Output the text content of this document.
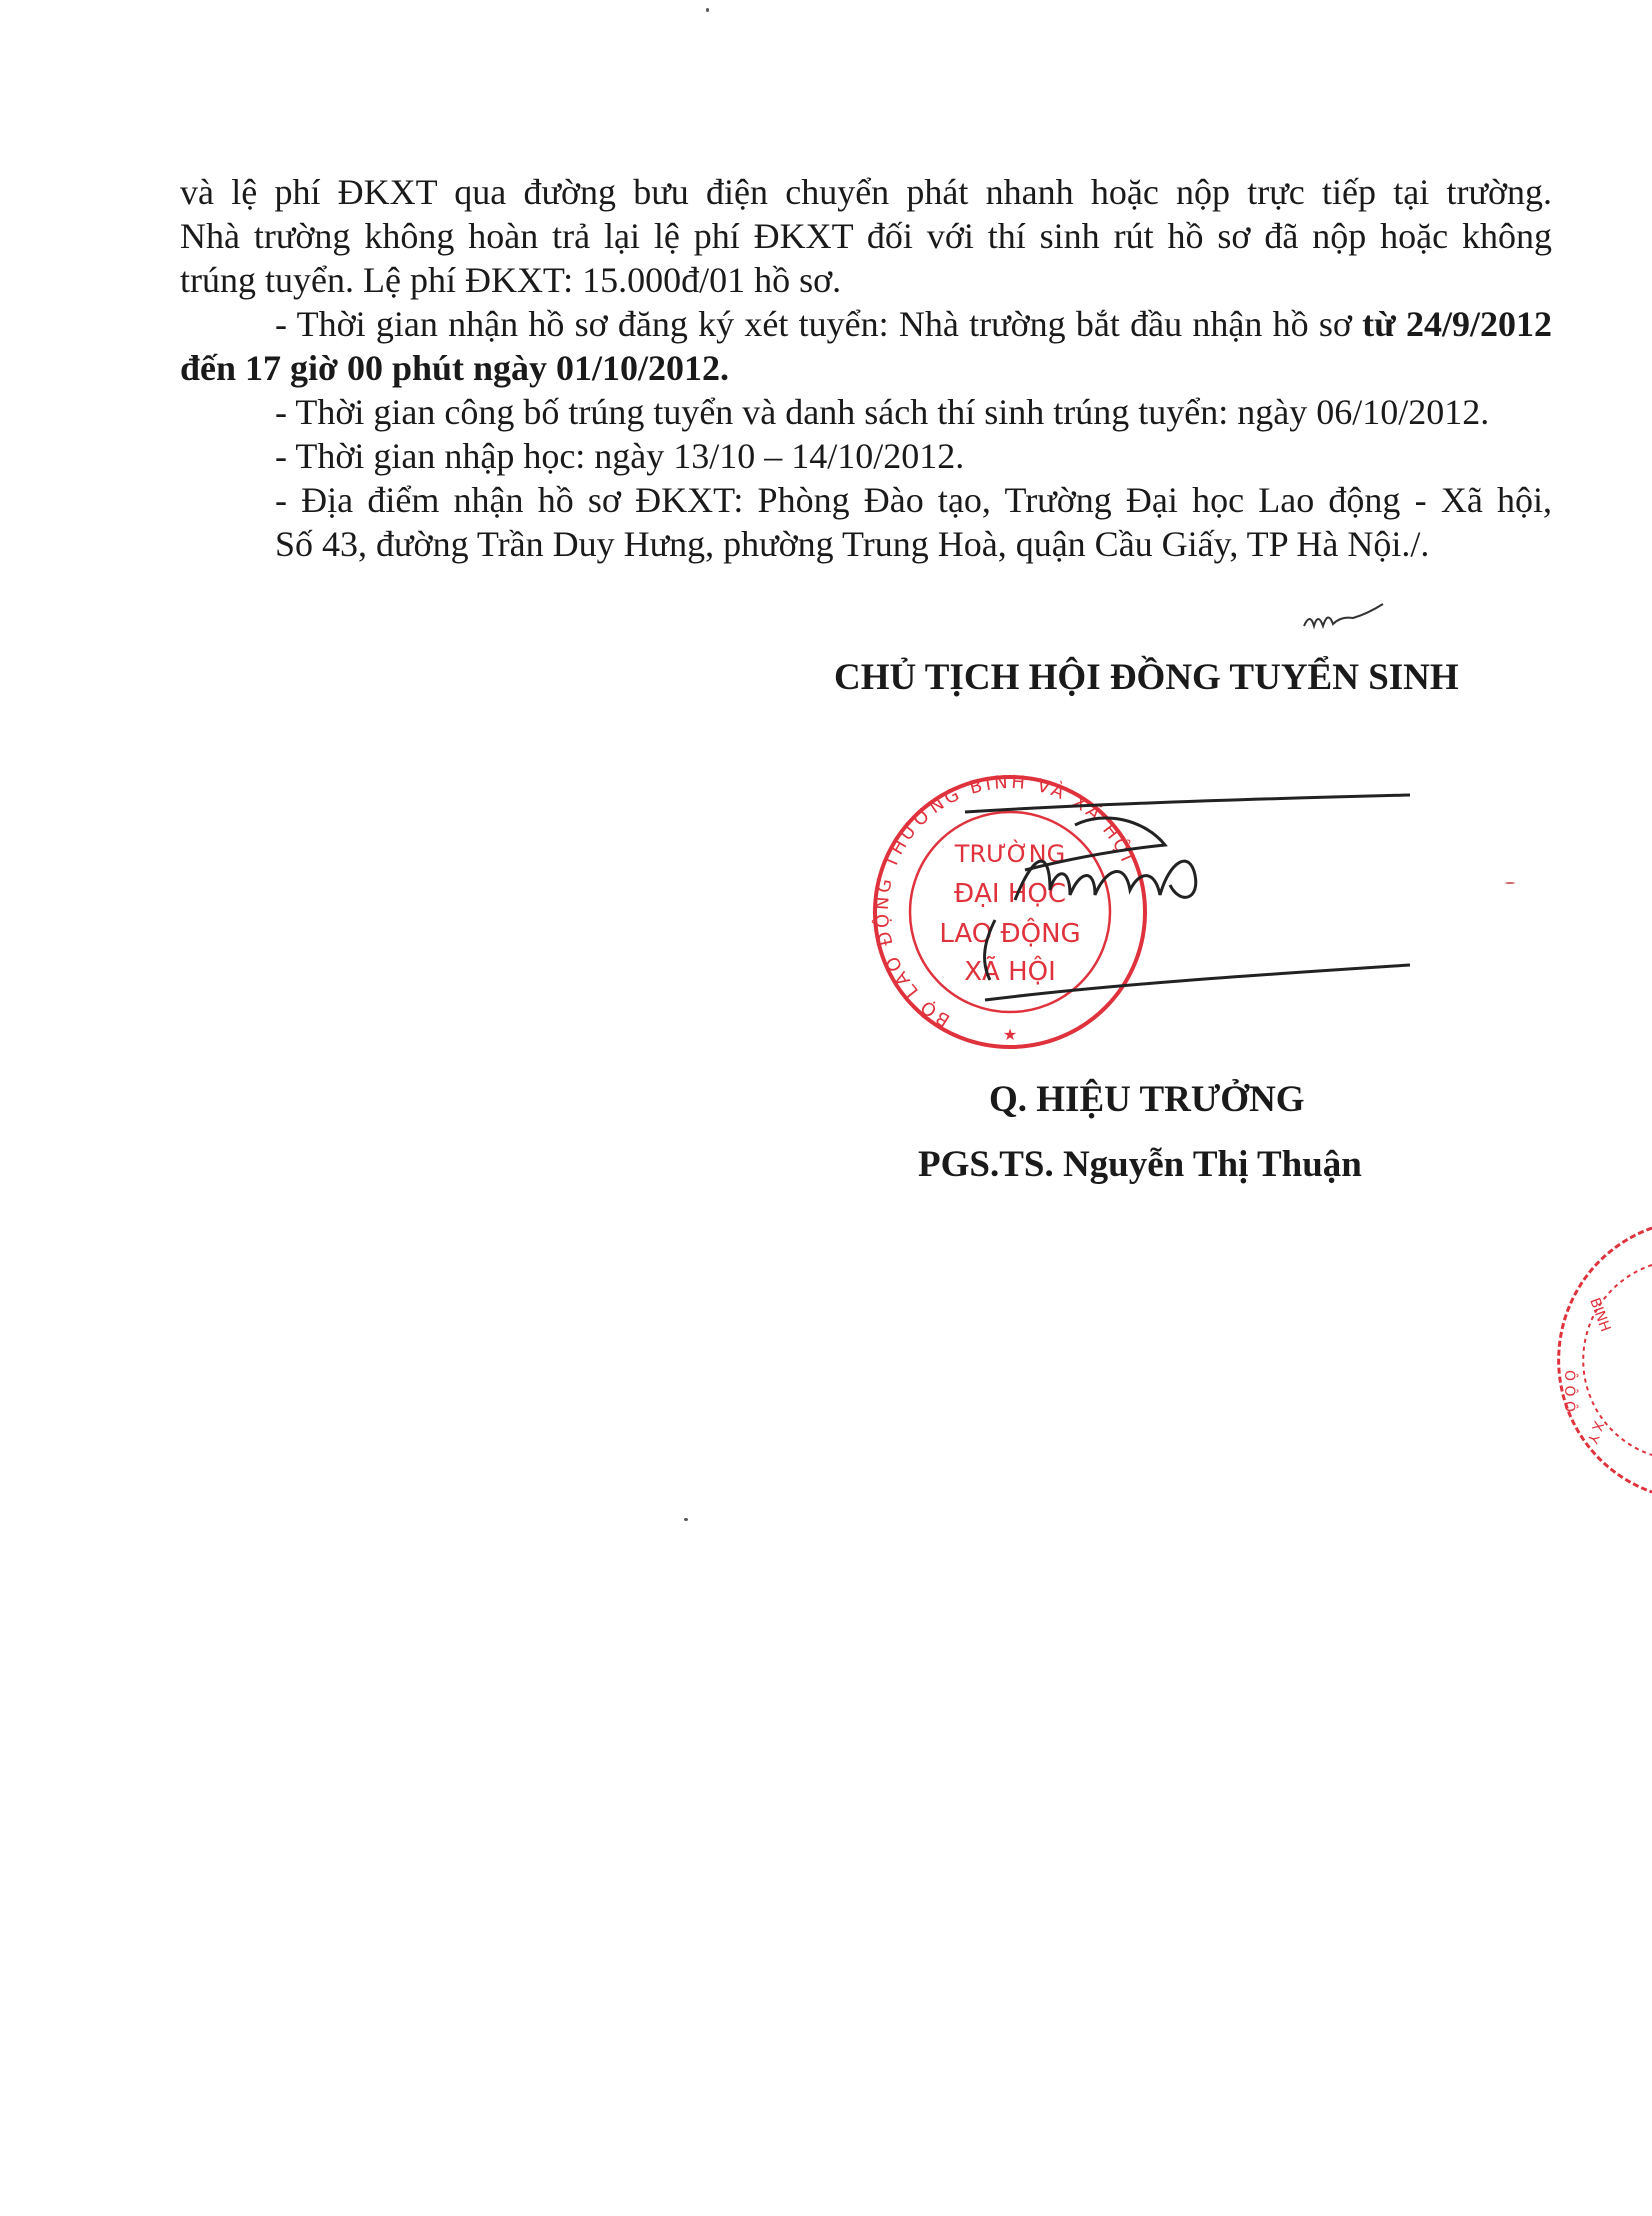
và lệ phí ĐKXT qua đường bưu điện chuyển phát nhanh hoặc nộp trực tiếp tại trường.
Nhà trường không hoàn trả lại lệ phí ĐKXT đối với thí sinh rút hồ sơ đã nộp hoặc không
trúng tuyển. Lệ phí ĐKXT: 15.000đ/01 hồ sơ.

- Thời gian nhận hồ sơ đăng ký xét tuyển: Nhà trường bắt đầu nhận hồ sơ từ 24/9/2012 đến 17 giờ 00 phút ngày 01/10/2012.

- Thời gian công bố trúng tuyển và danh sách thí sinh trúng tuyển: ngày 06/10/2012.

- Thời gian nhập học: ngày 13/10 – 14/10/2012.

- Địa điểm nhận hồ sơ ĐKXT: Phòng Đào tạo, Trường Đại học Lao động - Xã hội,
Số 43, đường Trần Duy Hưng, phường Trung Hoà, quận Cầu Giấy, TP Hà Nội./.

CHỦ TỊCH HỘI ĐỒNG TUYỂN SINH
BỘ LAO ĐỘNG THƯƠNG BINH VÀ XÃ HỘI
TRƯỜNG
ĐẠI HỌC
LAO ĐỘNG
XÃ HỘI
★
Q. HIỆU TRƯỞNG
PGS.TS. Nguyễn Thị Thuận
BINH
Ô Ô Ô
X Y
